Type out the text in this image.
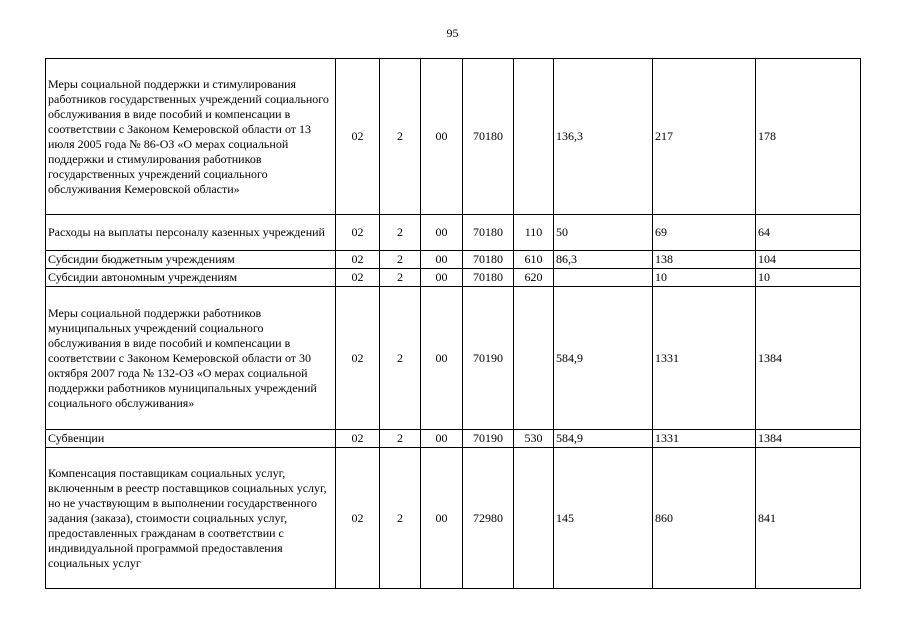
95
Меры социальной поддержки и стимулирования работников государственных учреждений социального обслуживания в виде пособий и компенсации в соответствии с Законом Кемеровской области от 13 июля 2005 года № 86-ОЗ «О мерах социальной поддержки и стимулирования работников государственных учреждений социального обслуживания Кемеровской области»	02	2	00	70180		136,3	217	178
Расходы на выплаты персоналу казенных учреждений	02	2	00	70180	110	50	69	64
Субсидии бюджетным учреждениям	02	2	00	70180	610	86,3	138	104
Субсидии автономным учреждениям	02	2	00	70180	620		10	10
Меры социальной поддержки работников муниципальных учреждений социального обслуживания в виде пособий и компенсации в соответствии с Законом Кемеровской области от 30 октября 2007 года № 132-ОЗ «О мерах социальной поддержки работников муниципальных учреждений социального обслуживания»	02	2	00	70190		584,9	1331	1384
Субвенции	02	2	00	70190	530	584,9	1331	1384
Компенсация поставщикам социальных услуг, включенным в реестр поставщиков социальных услуг, но не участвующим в выполнении государственного задания (заказа), стоимости социальных услуг, предоставленных гражданам в соответствии с индивидуальной программой предоставления социальных услуг	02	2	00	72980		145	860	841
